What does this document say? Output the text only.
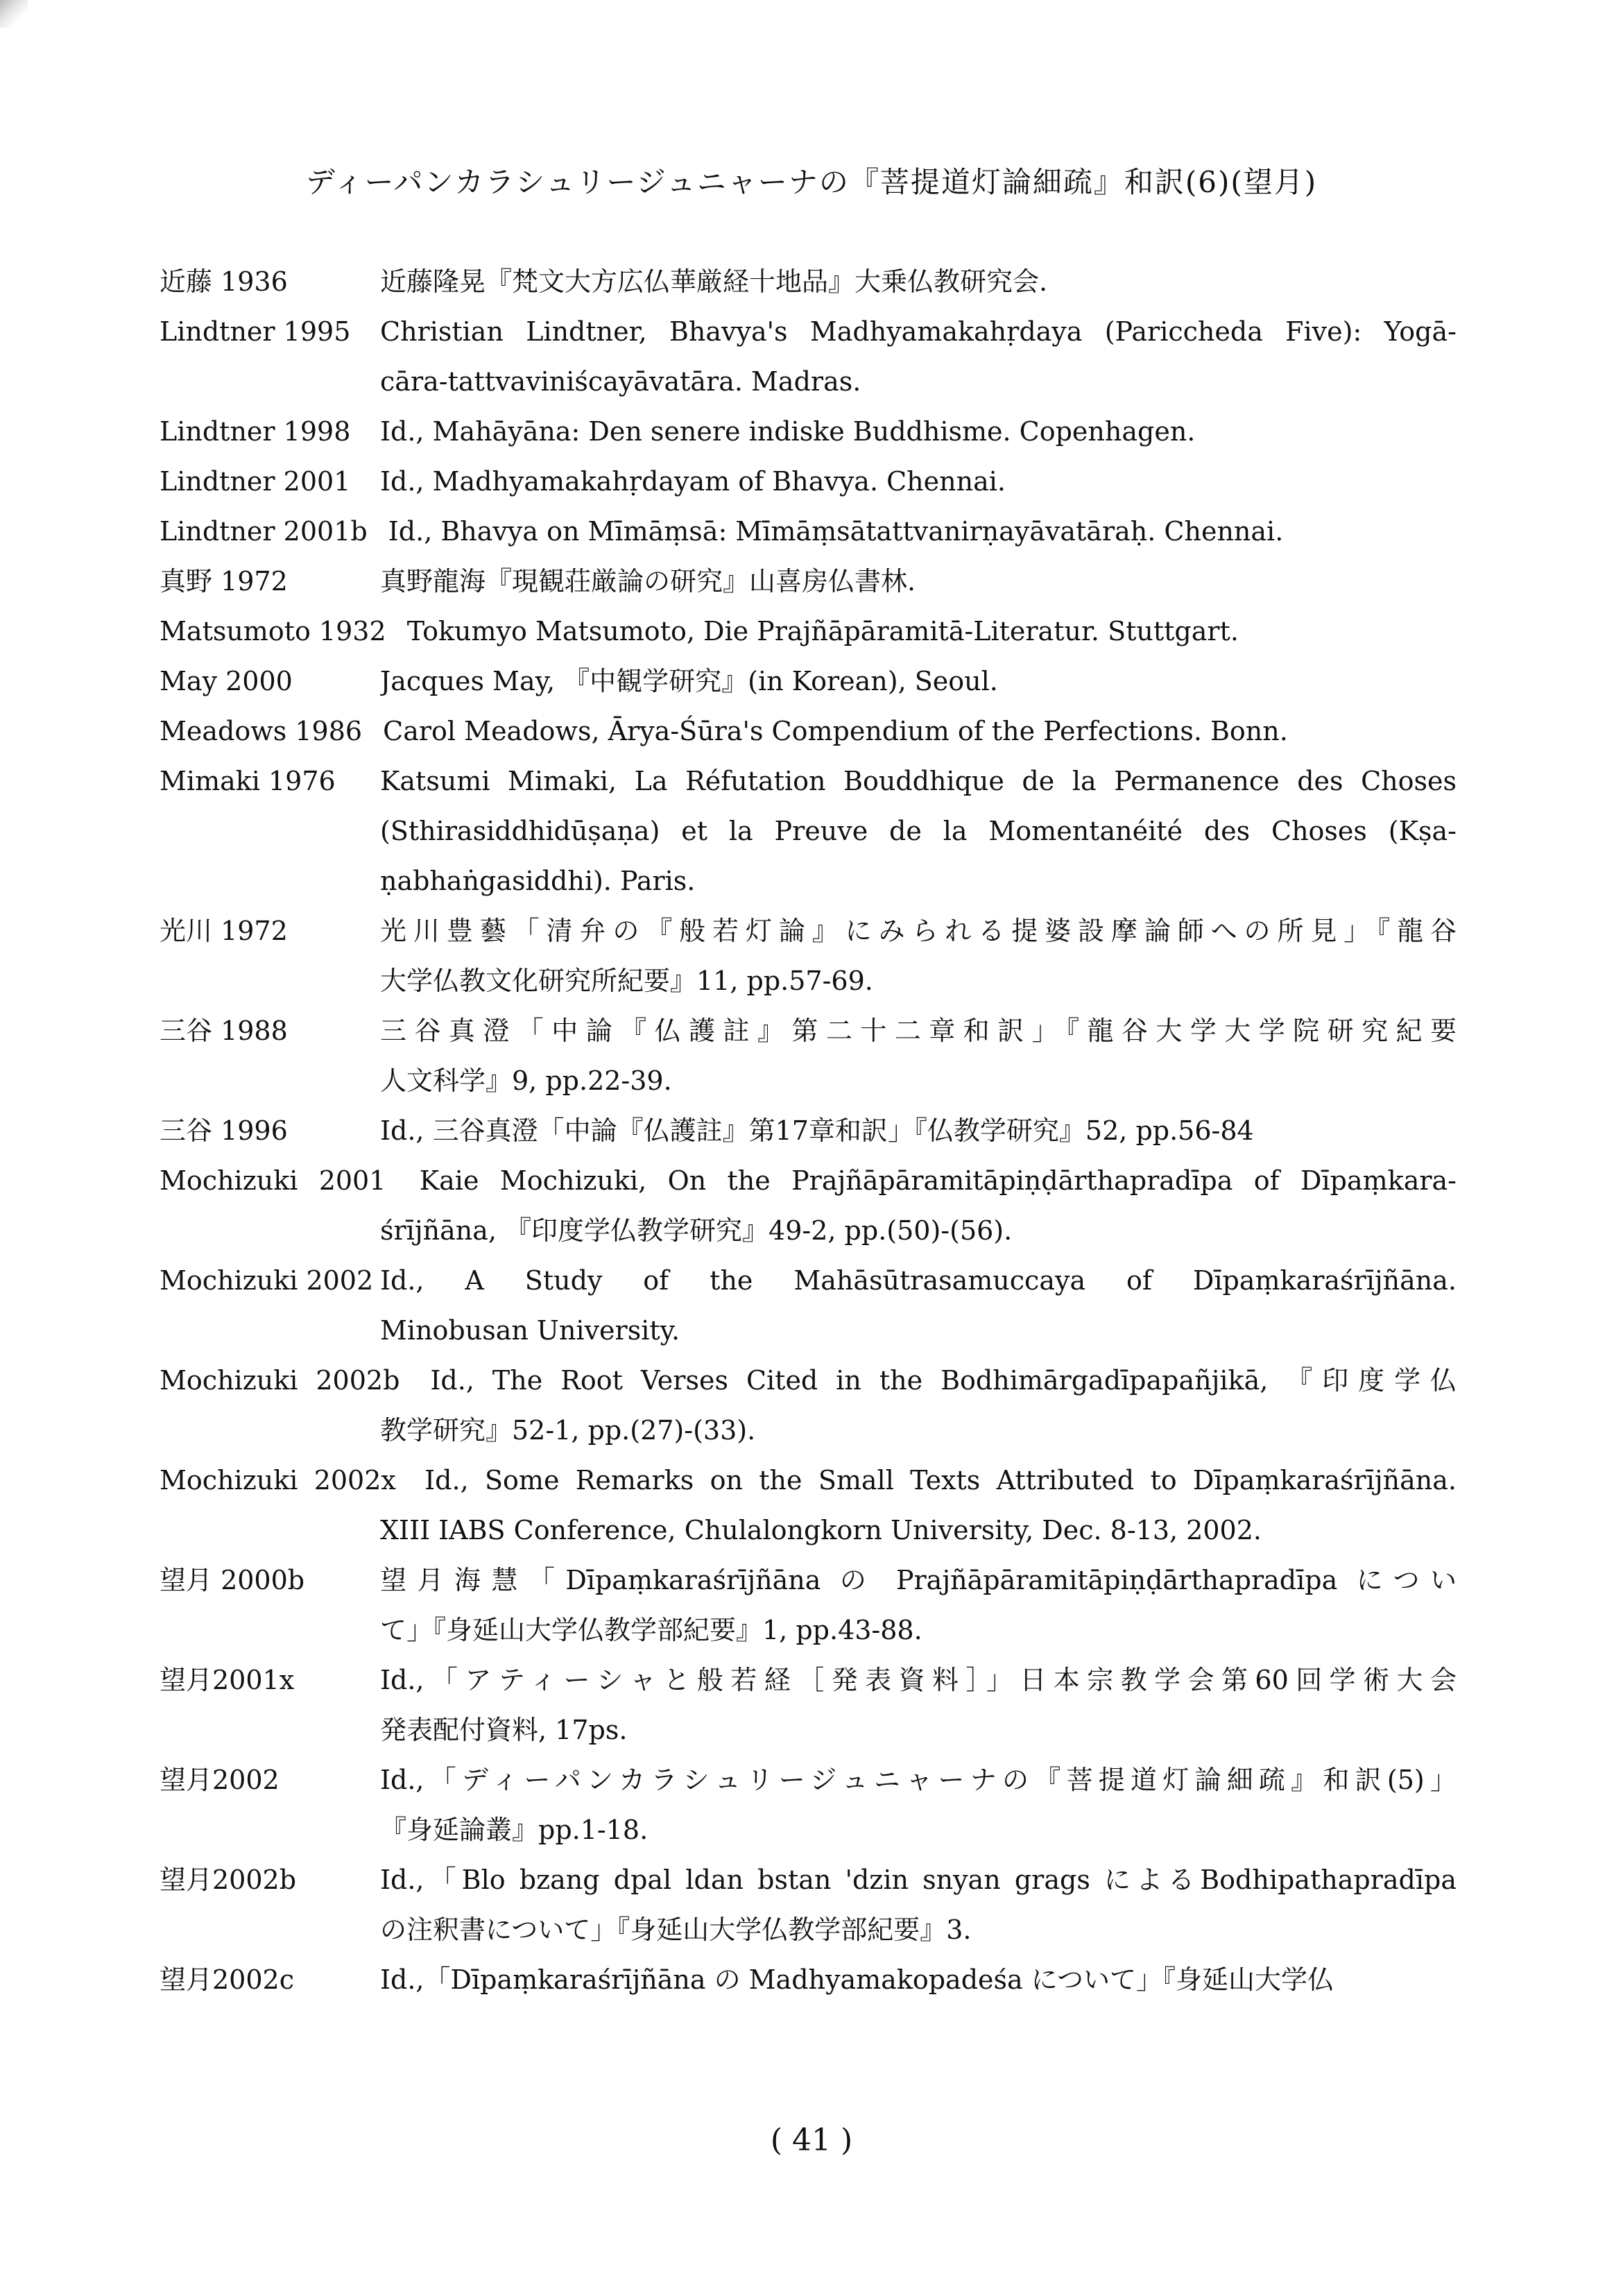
ディーパンカラシュリージュニャーナの『菩提道灯論細疏』和訳(6)(望月)
近藤 1936	近藤隆晃『梵文大方広仏華厳経十地品』大乗仏教研究会.
Lindtner 1995 Christian Lindtner, Bhavya's Madhyamakahṛdaya (Pariccheda Five): Yogā-
cāra-tattvaviniścayāvatāra. Madras.
Lindtner 1998 Id., Mahāyāna: Den senere indiske Buddhisme. Copenhagen.
Lindtner 2001 Id., Madhyamakahṛdayam of Bhavya. Chennai.
Lindtner 2001b Id., Bhavya on Mīmāṃsā: Mīmāṃsātattvanirṇayāvatāraḥ. Chennai.
真野 1972	真野龍海『現観荘厳論の研究』山喜房仏書林.
Matsumoto 1932 Tokumyo Matsumoto, Die Prajñāpāramitā-Literatur. Stuttgart.
May 2000	Jacques May, 『中観学研究』(in Korean), Seoul.
Meadows 1986 Carol Meadows, Ārya-Śūra's Compendium of the Perfections. Bonn.
Mimaki 1976 Katsumi Mimaki, La Réfutation Bouddhique de la Permanence des Choses
(Sthirasiddhidūṣaṇa) et la Preuve de la Momentanéité des Choses (Kṣa-
ṇabhaṅgasiddhi). Paris.
光川 1972	光川豊藝「清弁の『般若灯論』にみられる提婆設摩論師への所見」『龍谷
大学仏教文化研究所紀要』11, pp.57-69.
三谷 1988	三谷真澄「中論『仏護註』第二十二章和訳」『龍谷大学大学院研究紀要
人文科学』9, pp.22-39.
三谷 1996	Id., 三谷真澄「中論『仏護註』第17章和訳」『仏教学研究』52, pp.56-84
Mochizuki 2001 Kaie Mochizuki, On the Prajñāpāramitāpiṇḍārthapradīpa of Dīpaṃkara-
śrījñāna, 『印度学仏教学研究』49-2, pp.(50)-(56).
Mochizuki 2002 Id., A Study of the Mahāsūtrasamuccaya of Dīpaṃkaraśrījñāna.
Minobusan University.
Mochizuki 2002b Id., The Root Verses Cited in the Bodhimārgadīpapañjikā, 『印度学仏
教学研究』52-1, pp.(27)-(33).
Mochizuki 2002x Id., Some Remarks on the Small Texts Attributed to Dīpaṃkaraśrījñāna.
XIII IABS Conference, Chulalongkorn University, Dec. 8-13, 2002.
望月 2000b	望月海慧「Dīpaṃkaraśrījñāna の Prajñāpāramitāpiṇḍārthapradīpa につい
て」『身延山大学仏教学部紀要』1, pp.43-88.
望月2001x	Id.,「アティーシャと般若経［発表資料］」日本宗教学会第60回学術大会
発表配付資料, 17ps.
望月2002	Id.,「ディーパンカラシュリージュニャーナの『菩提道灯論細疏』和訳(5)」
『身延論叢』pp.1-18.
望月2002b	Id.,「Blo bzang dpal ldan bstan 'dzin snyan grags によるBodhipathapradīpa
の注釈書について」『身延山大学仏教学部紀要』3.
望月2002c	Id.,「Dīpaṃkaraśrījñāna の Madhyamakopadeśa について」『身延山大学仏
( 41 )
